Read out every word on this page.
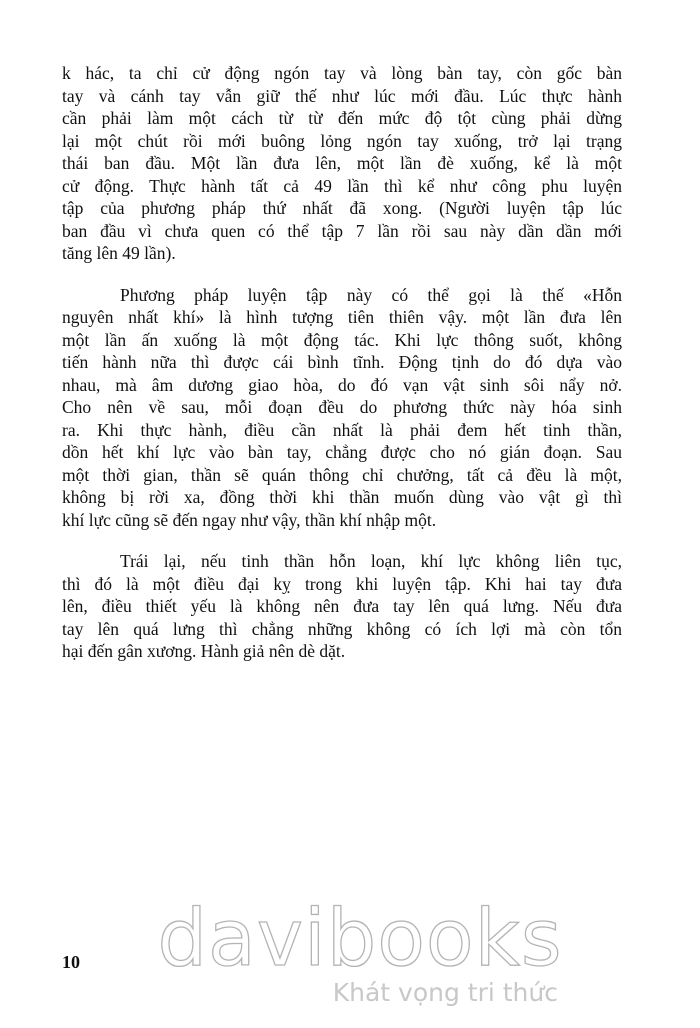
k hác, ta chỉ cử động ngón tay và lòng bàn tay, còn gốc bàn
tay và cánh tay vẫn giữ thế như lúc mới đầu. Lúc thực hành
cần phải làm một cách từ từ đến mức độ tột cùng phải dừng
lại một chút rồi mới buông lỏng ngón tay xuống, trở lại trạng
thái ban đầu. Một lần đưa lên, một lần đè xuống, kể là một
cử động. Thực hành tất cả 49 lần thì kể như công phu luyện
tập của phương pháp thứ nhất đã xong. (Người luyện tập lúc
ban đầu vì chưa quen có thể tập 7 lần rồi sau này dần dần mới
tăng lên 49 lần).
Phương pháp luyện tập này có thể gọi là thế «Hỗn
nguyên nhất khí» là hình tượng tiên thiên vậy. một lần đưa lên
một lần ấn xuống là một động tác. Khi lực thông suốt, không
tiến hành nữa thì được cái bình tĩnh. Động tịnh do đó dựa vào
nhau, mà âm dương giao hòa, do đó vạn vật sinh sôi nẩy nở.
Cho nên về sau, mỗi đoạn đều do phương thức này hóa sinh
ra. Khi thực hành, điều cần nhất là phải đem hết tinh thần,
dồn hết khí lực vào bàn tay, chẳng được cho nó gián đoạn. Sau
một thời gian, thần sẽ quán thông chỉ chưởng, tất cả đều là một,
không bị rời xa, đồng thời khi thần muốn dùng vào vật gì thì
khí lực cũng sẽ đến ngay như vậy, thần khí nhập một.
Trái lại, nếu tinh thần hỗn loạn, khí lực không liên tục,
thì đó là một điều đại kỵ trong khi luyện tập. Khi hai tay đưa
lên, điều thiết yếu là không nên đưa tay lên quá lưng. Nếu đưa
tay lên quá lưng thì chẳng những không có ích lợi mà còn tổn
hại đến gân xương. Hành giả nên dè dặt.
10 davibooks
Khát vọng tri thức
